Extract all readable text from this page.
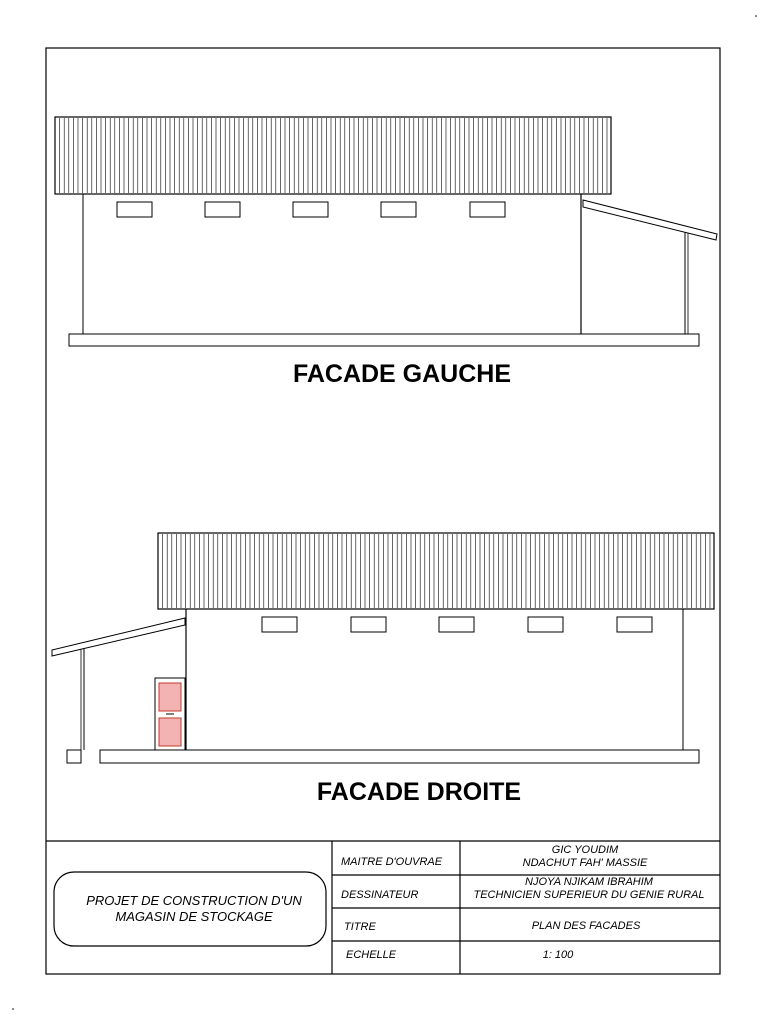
FACADE GAUCHE
FACADE DROITE
PROJET DE CONSTRUCTION D'UN
MAGASIN DE STOCKAGE
MAITRE D'OUVRAE
DESSINATEUR
TITRE
ECHELLE
GIC YOUDIM
NDACHUT FAH' MASSIE
NJOYA NJIKAM IBRAHIM
TECHNICIEN SUPERIEUR DU GENIE RURAL
PLAN DES FACADES
1: 100
